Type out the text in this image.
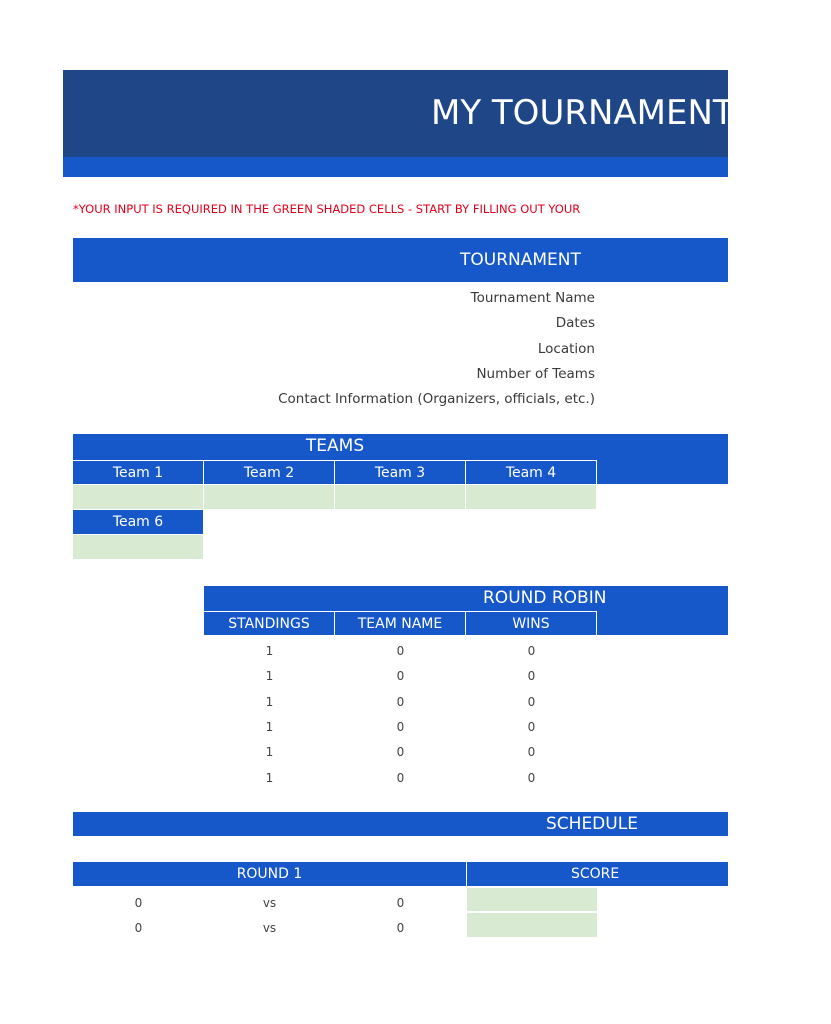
MY TOURNAMENT
*YOUR INPUT IS REQUIRED IN THE GREEN SHADED CELLS - START BY FILLING OUT YOUR
TOURNAMENT
Tournament Name
Dates
Location
Number of Teams
Contact Information (Organizers, officials, etc.)
TEAMS
Team 1	Team 2	Team 3	Team 4
Team 6
ROUND ROBIN
STANDINGS	TEAM NAME	WINS
1	0	0
1	0	0
1	0	0
1	0	0
1	0	0
1	0	0
SCHEDULE
ROUND 1	SCORE
0	vs	0
0	vs	0
